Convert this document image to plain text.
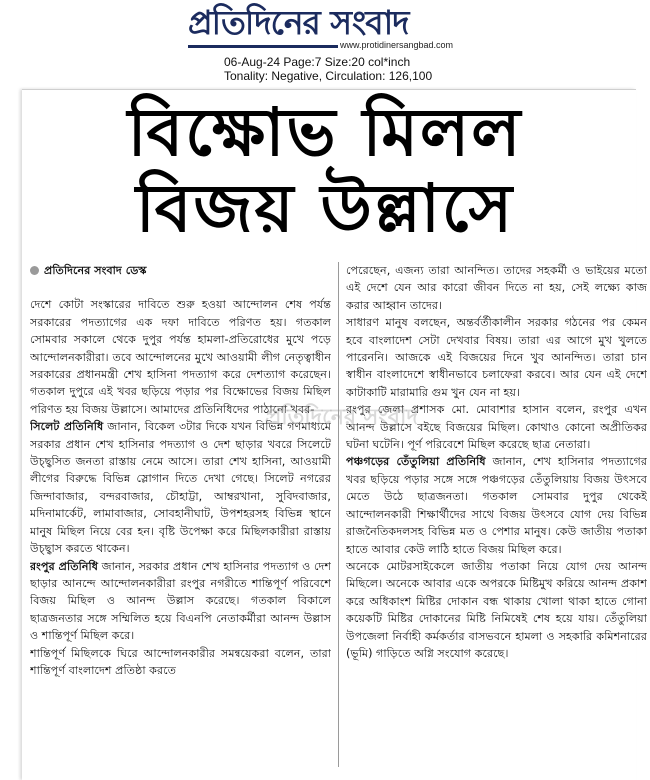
প্রতিদিনের সংবাদ
www.protidinersangbad.com
06-Aug-24 Page:7 Size:20 col*inch
Tonality: Negative, Circulation: 126,100
বিক্ষোভ মিলল
বিজয় উল্লাসে
প্রতিদিনের সংবাদ ডেস্ক

দেশে কোটা সংস্কারের দাবিতে শুরু হওয়া আন্দোলন শেষ পর্যন্ত সরকারের পদত্যাগের এক দফা দাবিতে পরিণত হয়। গতকাল সোমবার সকালে থেকে দুপুর পর্যন্ত হামলা-প্রতিরোধের মুখে পড়ে আন্দোলনকারীরা। তবে আন্দোলনের মুখে আওয়ামী লীগ নেতৃত্বাধীন সরকারের প্রধানমন্ত্রী শেখ হাসিনা পদত্যাগ করে দেশত্যাগ করেছেন। গতকাল দুপুরে এই খবর ছড়িয়ে পড়ার পর বিক্ষোভের বিজয় মিছিল পরিণত হয় বিজয় উল্লাসে। আমাদের প্রতিনিধিদের পাঠানো খবর-

সিলেট প্রতিনিধি জানান, বিকেল ৩টার দিকে যখন বিভিন্ন গণমাধ্যমে সরকার প্রধান শেখ হাসিনার পদত্যাগ ও দেশ ছাড়ার খবরে সিলেটে উচ্ছ্বসিত জনতা রাস্তায় নেমে আসে। তারা শেখ হাসিনা, আওয়ামী লীগের বিরুদ্ধে বিভিন্ন স্লোগান দিতে দেখা গেছে। সিলেট নগরের জিন্দাবাজার, বন্দরবাজার, চৌহাট্টা, আম্বরখানা, সুবিদবাজার, মদিনামার্কেট, লামাবাজার, সোবহানীঘাট, উপশহরসহ বিভিন্ন স্থানে মানুষ মিছিল নিয়ে বের হন। বৃষ্টি উপেক্ষা করে মিছিলকারীরা রাস্তায় উচ্ছ্বাস করতে থাকেন।

রংপুর প্রতিনিধি জানান, সরকার প্রধান শেখ হাসিনার পদত্যাগ ও দেশ ছাড়ার আনন্দে আন্দোলনকারীরা রংপুর নগরীতে শান্তিপূর্ণ পরিবেশে বিজয় মিছিল ও আনন্দ উল্লাস করেছে। গতকাল বিকালে ছাত্রজনতার সঙ্গে সম্মিলিত হয়ে বিএনপি নেতাকর্মীরা আনন্দ উল্লাস ও শান্তিপূর্ণ মিছিল করে।

শান্তিপূর্ণ মিছিলকে ঘিরে আন্দোলনকারীর সমন্বয়েকরা বলেন, তারা শান্তিপূর্ণ বাংলাদেশ প্রতিষ্ঠা করতে

পেরেছেন, এজন্য তারা আনন্দিত। তাদের সহকর্মী ও ভাইয়ের মতো এই দেশে যেন আর কারো জীবন দিতে না হয়, সেই লক্ষ্যে কাজ করার আহ্বান তাদের।

সাধারণ মানুষ বলছেন, অন্তর্বর্তীকালীন সরকার গঠনের পর কেমন হবে বাংলাদেশ সেটা দেখবার বিষয়। তারা এর আগে মুখ খুলতে পারেননি। আজকে এই বিজয়ের দিনে খুব আনন্দিত। তারা চান স্বাধীন বাংলাদেশে স্বাধীনভাবে চলাফেরা করবে। আর যেন এই দেশে কাটাকাটি মারামারি গুম খুন যেন না হয়।

রংপুর জেলা প্রশাসক মো. মোবাশার হাসান বলেন, রংপুর এখন আনন্দ উল্লাসে বইছে বিজয়ের মিছিল। কোথাও কোনো অপ্রীতিকর ঘটনা ঘটেনি। পূর্ণ পরিবেশে মিছিল করেছে ছাত্র নেতারা।

পঞ্চগড়ের তেঁতুলিয়া প্রতিনিধি জানান, শেখ হাসিনার পদত্যাগের খবর ছড়িয়ে পড়ার সঙ্গে সঙ্গে পঞ্চগড়ের তেঁতুলিয়ায় বিজয় উৎসবে মেতে উঠে ছাত্রজনতা। গতকাল সোমবার দুপুর থেকেই আন্দোলনকারী শিক্ষার্থীদের সাথে বিজয় উৎসবে যোগ দেয় বিভিন্ন রাজনৈতিকদলসহ বিভিন্ন মত ও পেশার মানুষ। কেউ জাতীয় পতাকা হাতে আবার কেউ লাঠি হাতে বিজয় মিছিল করে।

অনেকে মোটরসাইকেলে জাতীয় পতাকা নিয়ে যোগ দেয় আনন্দ মিছিলে। অনেকে আবার একে অপরকে মিষ্টিমুখ করিয়ে আনন্দ প্রকাশ করে অধিকাংশ মিষ্টির দোকান বন্ধ থাকায় খোলা থাকা হাতে গোনা কয়েকটি মিষ্টির দোকানের মিষ্টি নিমিষেই শেষ হয়ে যায়। তেঁতুলিয়া উপজেলা নির্বাহী কর্মকর্তার বাসভবনে হামলা ও সহকারি কমিশনারের (ভূমি) গাড়িতে অগ্নি সংযোগ করেছে।

প্রতিদিনের সংবাদ
